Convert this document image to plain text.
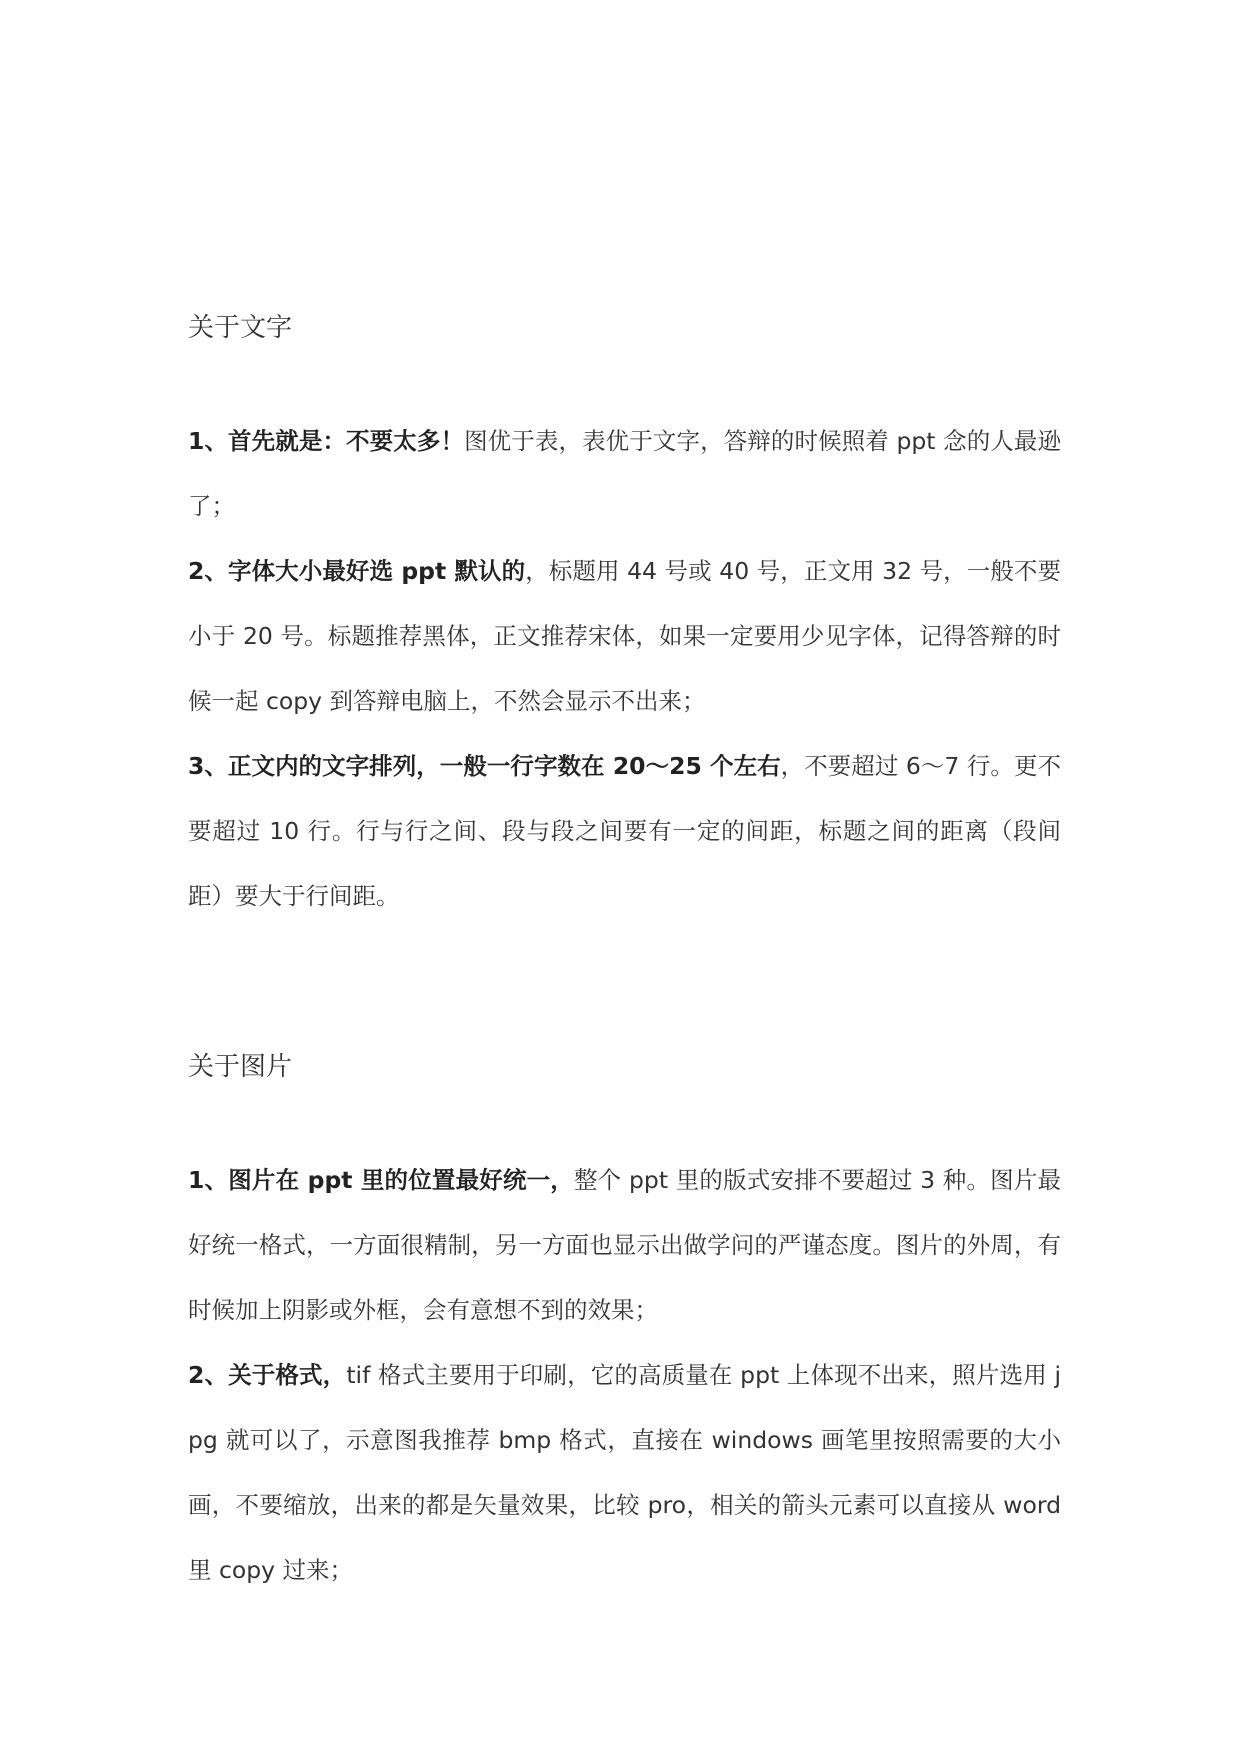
关于文字

1、首先就是：不要太多！图优于表，表优于文字，答辩的时候照着 ppt 念的人最逊了；

2、字体大小最好选 ppt 默认的，标题用 44 号或 40 号，正文用 32 号，一般不要小于 20 号。标题推荐黑体，正文推荐宋体，如果一定要用少见字体，记得答辩的时候一起 copy 到答辩电脑上，不然会显示不出来；

3、正文内的文字排列，一般一行字数在 20～25 个左右，不要超过 6～7 行。更不要超过 10 行。行与行之间、段与段之间要有一定的间距，标题之间的距离（段间距）要大于行间距。

关于图片

1、图片在 ppt 里的位置最好统一，整个 ppt 里的版式安排不要超过 3 种。图片最好统一格式，一方面很精制，另一方面也显示出做学问的严谨态度。图片的外周，有时候加上阴影或外框，会有意想不到的效果；

2、关于格式，tif 格式主要用于印刷，它的高质量在 ppt 上体现不出来，照片选用 jpg 就可以了，示意图我推荐 bmp 格式，直接在 windows 画笔里按照需要的大小画，不要缩放，出来的都是矢量效果，比较 pro，相关的箭头元素可以直接从 word 里 copy 过来；
